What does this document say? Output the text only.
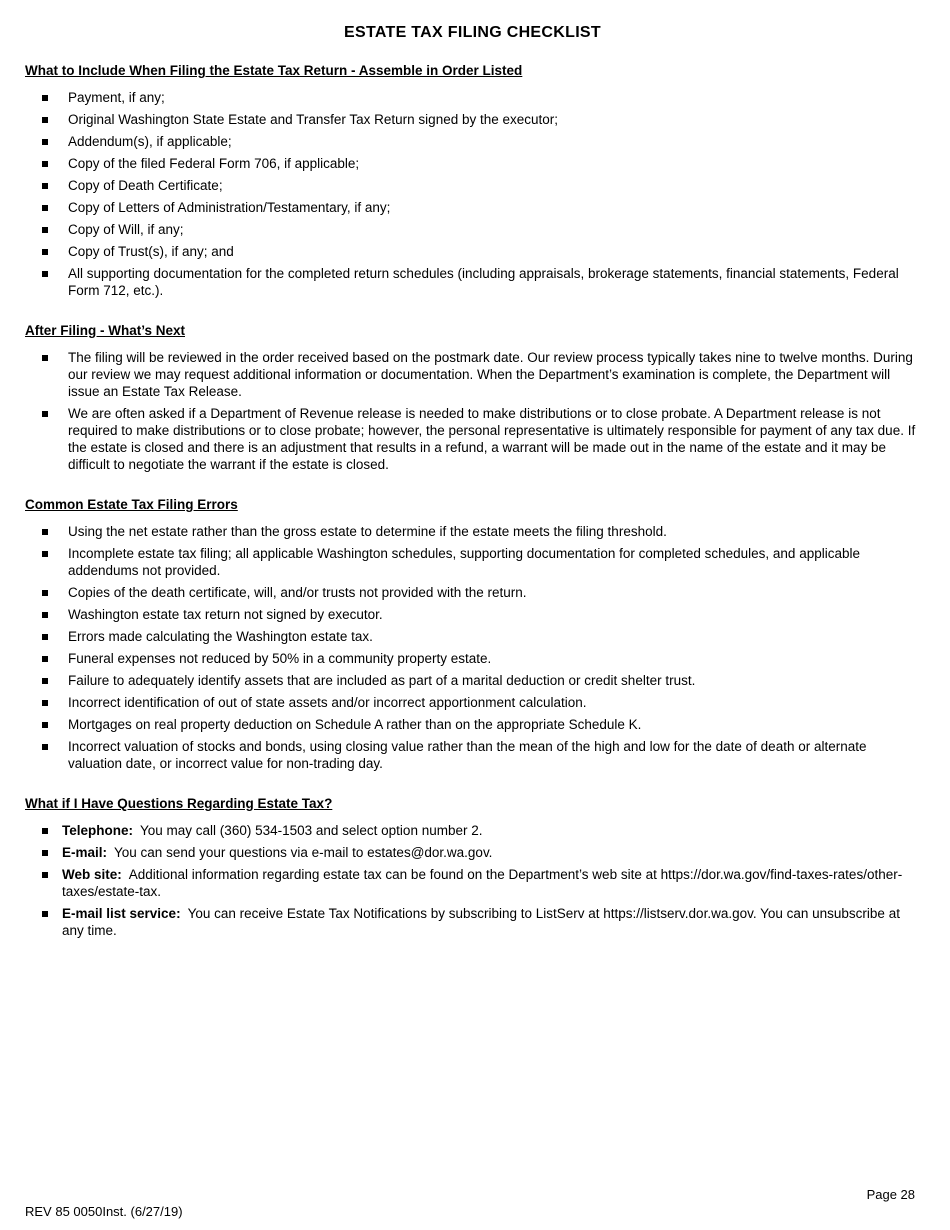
ESTATE TAX FILING CHECKLIST
What to Include When Filing the Estate Tax Return - Assemble in Order Listed
Payment, if any;
Original Washington State Estate and Transfer Tax Return signed by the executor;
Addendum(s), if applicable;
Copy of the filed Federal Form 706, if applicable;
Copy of Death Certificate;
Copy of Letters of Administration/Testamentary, if any;
Copy of Will, if any;
Copy of Trust(s), if any; and
All supporting documentation for the completed return schedules (including appraisals, brokerage statements, financial statements, Federal Form 712, etc.).
After Filing - What’s Next
The filing will be reviewed in the order received based on the postmark date. Our review process typically takes nine to twelve months. During our review we may request additional information or documentation. When the Department’s examination is complete, the Department will issue an Estate Tax Release.
We are often asked if a Department of Revenue release is needed to make distributions or to close probate. A Department release is not required to make distributions or to close probate; however, the personal representative is ultimately responsible for payment of any tax due. If the estate is closed and there is an adjustment that results in a refund, a warrant will be made out in the name of the estate and it may be difficult to negotiate the warrant if the estate is closed.
Common Estate Tax Filing Errors
Using the net estate rather than the gross estate to determine if the estate meets the filing threshold.
Incomplete estate tax filing; all applicable Washington schedules, supporting documentation for completed schedules, and applicable addendums not provided.
Copies of the death certificate, will, and/or trusts not provided with the return.
Washington estate tax return not signed by executor.
Errors made calculating the Washington estate tax.
Funeral expenses not reduced by 50% in a community property estate.
Failure to adequately identify assets that are included as part of a marital deduction or credit shelter trust.
Incorrect identification of out of state assets and/or incorrect apportionment calculation.
Mortgages on real property deduction on Schedule A rather than on the appropriate Schedule K.
Incorrect valuation of stocks and bonds, using closing value rather than the mean of the high and low for the date of death or alternate valuation date, or incorrect value for non-trading day.
What if I Have Questions Regarding Estate Tax?
Telephone: You may call (360) 534-1503 and select option number 2.
E-mail: You can send your questions via e-mail to estates@dor.wa.gov.
Web site: Additional information regarding estate tax can be found on the Department’s web site at https://dor.wa.gov/find-taxes-rates/other-taxes/estate-tax.
E-mail list service: You can receive Estate Tax Notifications by subscribing to ListServ at https://listserv.dor.wa.gov. You can unsubscribe at any time.
Page 28
REV 85 0050Inst. (6/27/19)
